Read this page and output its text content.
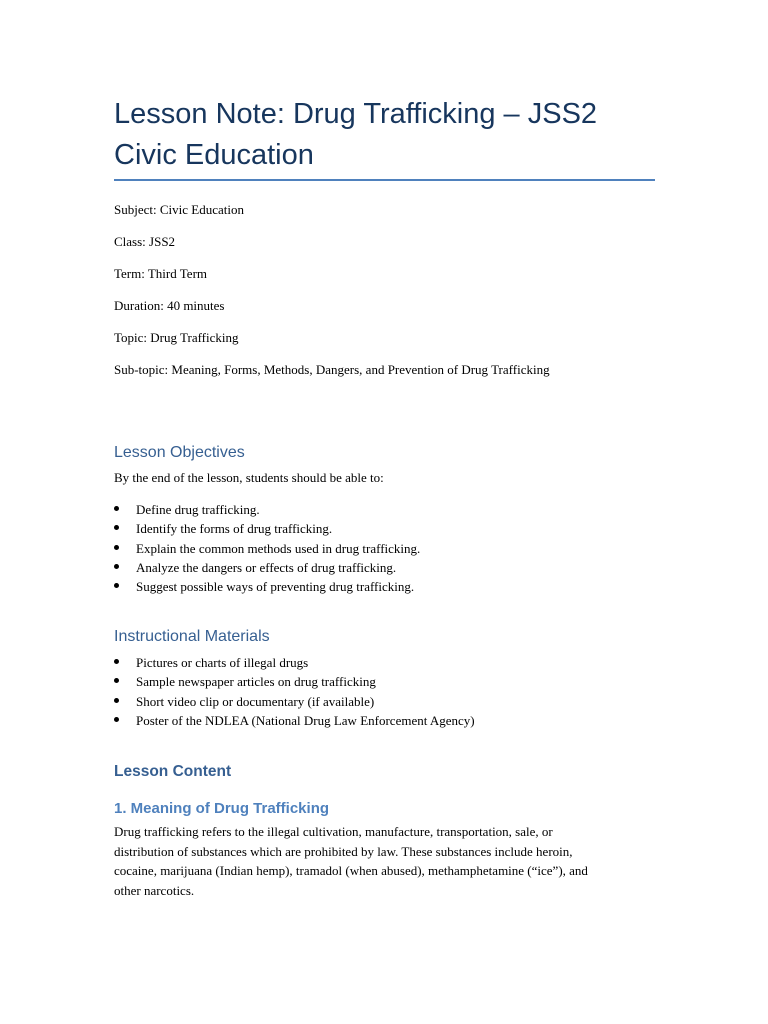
Lesson Note: Drug Trafficking – JSS2 Civic Education

Subject: Civic Education

Class: JSS2

Term: Third Term

Duration: 40 minutes

Topic: Drug Trafficking

Sub-topic: Meaning, Forms, Methods, Dangers, and Prevention of Drug Trafficking

Lesson Objectives

By the end of the lesson, students should be able to:

Define drug trafficking.
Identify the forms of drug trafficking.
Explain the common methods used in drug trafficking.
Analyze the dangers or effects of drug trafficking.
Suggest possible ways of preventing drug trafficking.
Instructional Materials
Pictures or charts of illegal drugs
Sample newspaper articles on drug trafficking
Short video clip or documentary (if available)
Poster of the NDLEA (National Drug Law Enforcement Agency)
Lesson Content
1. Meaning of Drug Trafficking
Drug trafficking refers to the illegal cultivation, manufacture, transportation, sale, or
distribution of substances which are prohibited by law. These substances include heroin,
cocaine, marijuana (Indian hemp), tramadol (when abused), methamphetamine (“ice”), and
other narcotics.
